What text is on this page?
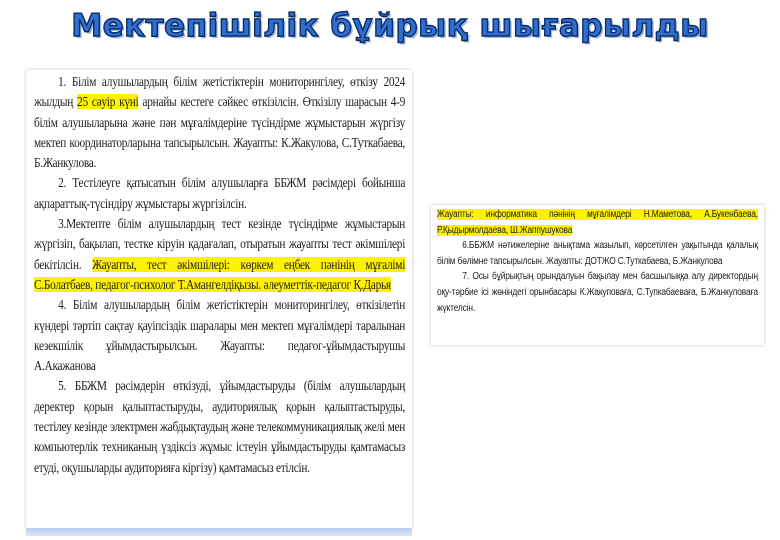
Мектепішілік бұйрық шығарылды

1. Білім алушылардың білім жетістіктерін мониторингілеу, өткізу 2024 жылдың 25 сәуір күні арнайы кестеге сәйкес өткізілсін. Өткізілу шарасын 4-9 білім алушыларына және пән мұғалімдеріне түсіндірме жұмыстарын жүргізу мектеп координаторларына тапсырылсын. Жауапты: К.Жакулова, С.Туткабаева, Б.Жанкулова.

2. Тестілеуге қатысатын білім алушыларға ББЖМ рәсімдері бойынша ақпараттық-түсіндіру жұмыстары жүргізілсін.

3.Мектепте білім алушылардың тест кезінде түсіндірме жұмыстарын жүргізіп, бақылап, тестке кіруін қадағалап, отыратын жауапты тест әкімшілерi бекітілсін. Жауапты, тест әкімшілері: көркем еңбек пәнінің мұғалімі С.Болатбаев, педагог-психолог Т.Амангелдіқызы. әлеуметтік-педагог Қ.Дарья

4. Білім алушылардың білім жетістіктерін мониторингілеу, өткізілетін күндері тәртіп сақтау қауіпсіздік шаралары мен мектеп мұғалімдері таралынан кезекшілік ұйымдастырылсын. Жауапты: педагог-ұйымдастырушы А.Акажанова

5. ББЖМ рәсімдерін өткізуді, ұйымдастыруды (білім алушылардың деректер қорын қалыптастыруды, аудиториялық қорын қалыптастыруды, тестілеу кезінде электрмен жабдықтаудың және телекоммуникациялық желі мен компьютерлік техниканың үздіксіз жұмыс істеуін ұйымдастыруды қамтамасыз етуді, оқушыларды аудиторияға кіргізу) қамтамасыз етілсін.

Жауапты: информатика пәнінің мұғалімдері Н.Маметова, А.Букенбаева, Р.Қыдырмолдаева, Ш.Жаппушукова

6.ББЖМ нәтижелеріне анықтама жазылып, көрсетілген уақытында қалалық білім бөлімне тапсырылсын. Жауапты: ДОТЖО С.Туткабаева, Б.Жанкулова

7. Осы бұйрықтың орындалуын бақылау мен басшылыққа алу директордың оқу-тәрбие ісі жөніндегі орынбасары К.Жакуповаға, С.Тупкабаеваға, Б.Жанкуловаға жүктелсін.
